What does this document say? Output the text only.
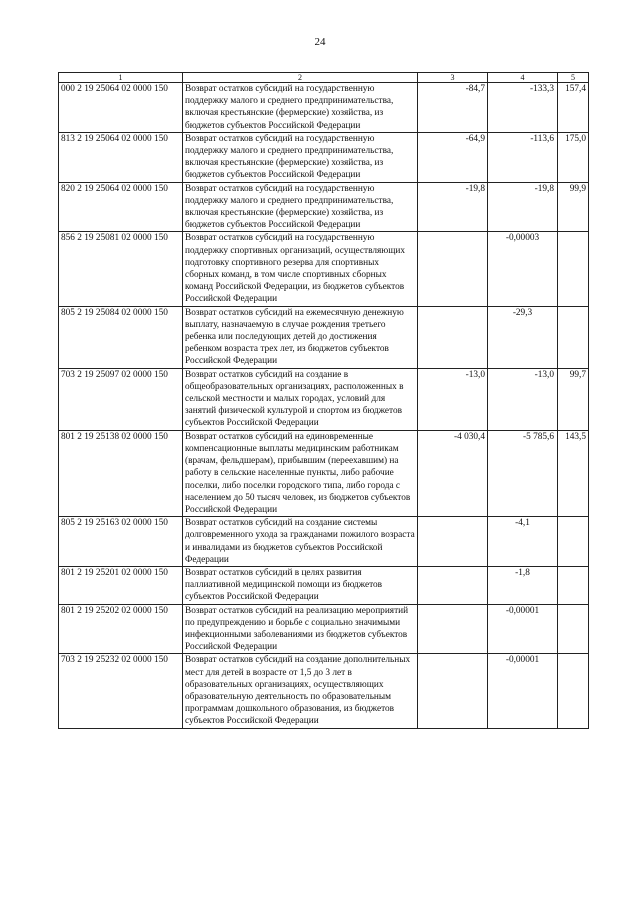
24
1	2	3	4	5
000 2 19 25064 02 0000 150	Возврат остатков субсидий на государственную поддержку малого и среднего предпринимательства, включая крестьянские (фермерские) хозяйства, из бюджетов субъектов Российской Федерации	-84,7	-133,3	157,4
813 2 19 25064 02 0000 150	Возврат остатков субсидий на государственную поддержку малого и среднего предпринимательства, включая крестьянские (фермерские) хозяйства, из бюджетов субъектов Российской Федерации	-64,9	-113,6	175,0
820 2 19 25064 02 0000 150	Возврат остатков субсидий на государственную поддержку малого и среднего предпринимательства, включая крестьянские (фермерские) хозяйства, из бюджетов субъектов Российской Федерации	-19,8	-19,8	99,9
856 2 19 25081 02 0000 150	Возврат остатков субсидий на государственную поддержку спортивных организаций, осуществляющих подготовку спортивного резерва для спортивных сборных команд, в том числе спортивных сборных команд Российской Федерации, из бюджетов субъектов Российской Федерации		-0,00003	
805 2 19 25084 02 0000 150	Возврат остатков субсидий на ежемесячную денежную выплату, назначаемую в случае рождения третьего ребенка или последующих детей до достижения ребенком возраста трех лет, из бюджетов субъектов Российской Федерации		-29,3	
703 2 19 25097 02 0000 150	Возврат остатков субсидий на создание в общеобразовательных организациях, расположенных в сельской местности и малых городах, условий для занятий физической культурой и спортом из бюджетов субъектов Российской Федерации	-13,0	-13,0	99,7
801 2 19 25138 02 0000 150	Возврат остатков субсидий на единовременные компенсационные выплаты медицинским работникам (врачам, фельдшерам), прибывшим (переехавшим) на работу в сельские населенные пункты, либо рабочие поселки, либо поселки городского типа, либо города с населением до 50 тысяч человек, из бюджетов субъектов Российской Федерации	-4 030,4	-5 785,6	143,5
805 2 19 25163 02 0000 150	Возврат остатков субсидий на создание системы долговременного ухода за гражданами пожилого возраста и инвалидами из бюджетов субъектов Российской Федерации		-4,1	
801 2 19 25201 02 0000 150	Возврат остатков субсидий в целях развития паллиативной медицинской помощи из бюджетов субъектов Российской Федерации		-1,8	
801 2 19 25202 02 0000 150	Возврат остатков субсидий на реализацию мероприятий по предупреждению и борьбе с социально значимыми инфекционными заболеваниями из бюджетов субъектов Российской Федерации		-0,00001	
703 2 19 25232 02 0000 150	Возврат остатков субсидий на создание дополнительных мест для детей в возрасте от 1,5 до 3 лет в образовательных организациях, осуществляющих образовательную деятельность по образовательным программам дошкольного образования, из бюджетов субъектов Российской Федерации		-0,00001	
